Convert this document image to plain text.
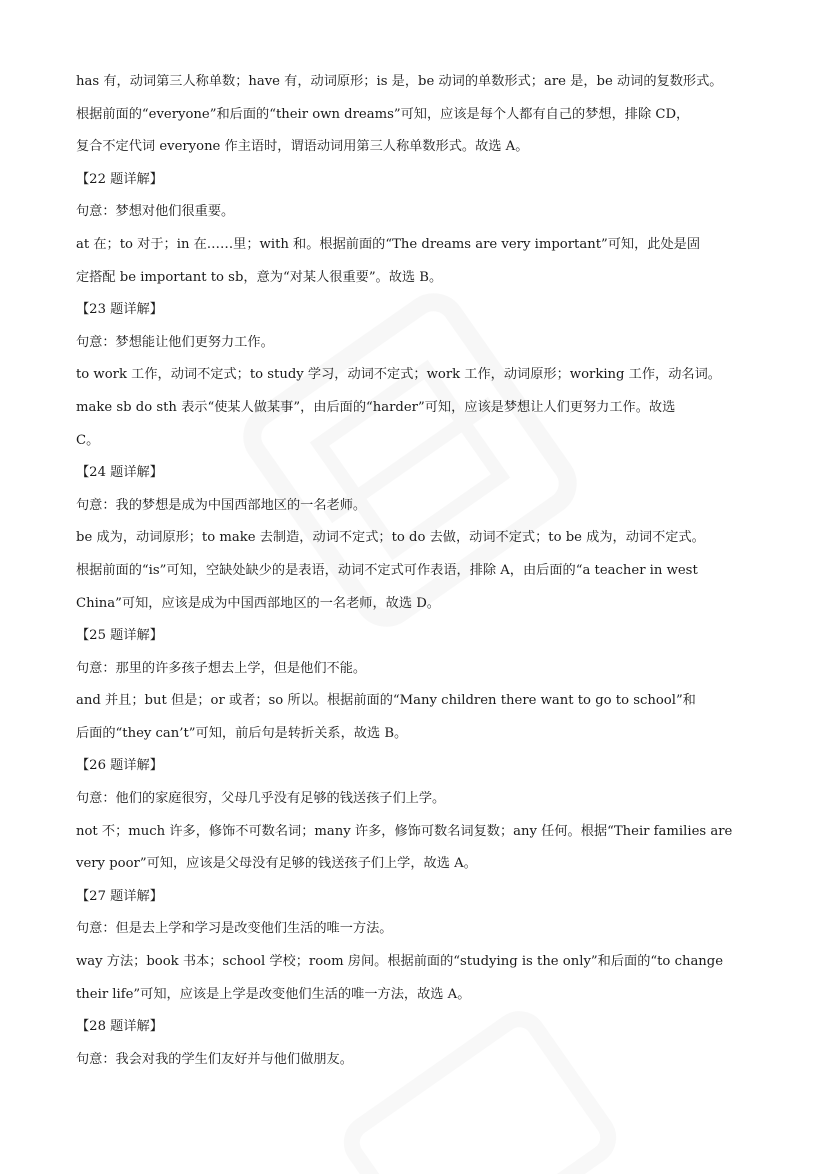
has 有，动词第三人称单数；have 有，动词原形；is 是，be 动词的单数形式；are 是，be 动词的复数形式。
根据前面的“everyone”和后面的“their own dreams”可知，应该是每个人都有自己的梦想，排除 CD，
复合不定代词 everyone 作主语时，谓语动词用第三人称单数形式。故选 A。
【22 题详解】
句意：梦想对他们很重要。
at 在；to 对于；in 在……里；with 和。根据前面的“The dreams are very important”可知，此处是固
定搭配 be important to sb，意为“对某人很重要”。故选 B。
【23 题详解】
句意：梦想能让他们更努力工作。
to work 工作，动词不定式；to study 学习，动词不定式；work 工作，动词原形；working 工作，动名词。
make sb do sth 表示“使某人做某事”，由后面的“harder”可知，应该是梦想让人们更努力工作。故选
C。
【24 题详解】
句意：我的梦想是成为中国西部地区的一名老师。
be 成为，动词原形；to make 去制造，动词不定式；to do 去做，动词不定式；to be 成为，动词不定式。
根据前面的“is”可知，空缺处缺少的是表语，动词不定式可作表语，排除 A，由后面的“a teacher in west
China”可知，应该是成为中国西部地区的一名老师，故选 D。
【25 题详解】
句意：那里的许多孩子想去上学，但是他们不能。
and 并且；but 但是；or 或者；so 所以。根据前面的“Many children there want to go to school”和
后面的“they can’t”可知，前后句是转折关系，故选 B。
【26 题详解】
句意：他们的家庭很穷，父母几乎没有足够的钱送孩子们上学。
not 不；much 许多，修饰不可数名词；many 许多，修饰可数名词复数；any 任何。根据“Their families are
very poor”可知，应该是父母没有足够的钱送孩子们上学，故选 A。
【27 题详解】
句意：但是去上学和学习是改变他们生活的唯一方法。
way 方法；book 书本；school 学校；room 房间。根据前面的“studying is the only”和后面的“to change
their life”可知，应该是上学是改变他们生活的唯一方法，故选 A。
【28 题详解】
句意：我会对我的学生们友好并与他们做朋友。
